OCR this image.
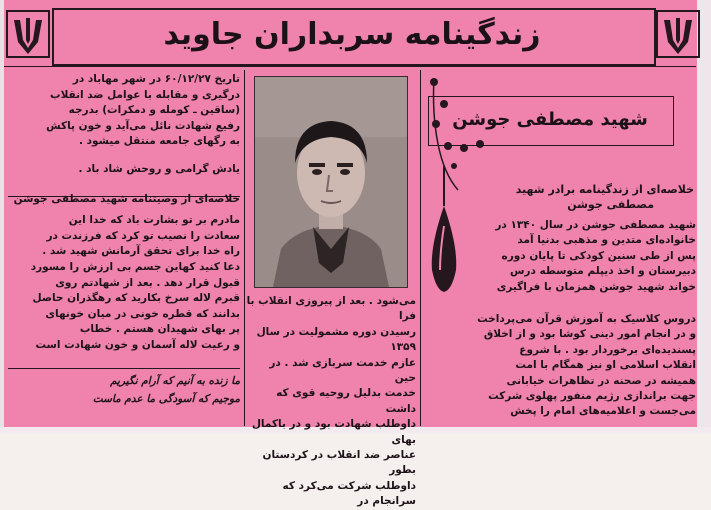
زندگینامه سربداران جاوید

تاریخ ۶۰/۱۲/۲۷ در شهر مهاباد در

درگیری و مقابله با عوامل ضد انقلاب

(ساقین ـ کومله و دمکرات) بدرجه

رفیع شهادت نائل می‌آید و خون پاکش

به رگهای جامعه منتقل میشود .

یادش گرامی و روحش شاد باد .

خلاصه‌ای از وصیتنامه شهید مصطفی جوشن

مادرم بر تو بشارت باد که خدا این

سعادت را نصیب تو کرد که فرزندت در

راه خدا برای تحقق آرمانش شهید شد .

دعا کنید کهاین جسم بی ارزش را مسورد

قبول قرار دهد . بعد از شهادتم روی

قبرم لاله سرخ بکارید که رهگذران حاصل

بدانند که قطره خونی در میان خونهای

پر بهای شهیدان هستم . خطاب

و رعیت لاله آسمان و خون شهادت است

ما زنده به آنیم که آرام نگیریم
موجیم که آسودگی ما عدم ماست

می‌شود . بعد از پیروزی انقلاب با فرا

رسیدن دوره مشمولیت در سال ۱۳۵۹

عازم خدمت سربازی شد . در حین

خدمت بدلیل روحیه قوی که داشت

داوطلب شهادت بود و در باکمال بهای

عناصر ضد انقلاب در کردستان بطور

داوطلب شرکت می‌کرد که سرانجام در

شهید مصطفی جوشن
خلاصه‌ای از زندگینامه برادر شهید
مصطفی جوشن

شهید مصطفی جوشن در سال ۱۳۴۰ در

خانواده‌ای متدین و مذهبی بدنیا آمد

پس از طی سنین کودکی تا پایان دوره

دبیرستان و اخذ دیپلم متوسطه درس

خواند شهید جوشن همزمان با فراگیری

دروس کلاسیک به آموزش قرآن می‌پرداخت

و در انجام امور دینی کوشا بود و از اخلاق

پسندیده‌ای برخوردار بود . با شروع

انقلاب اسلامی او نیز همگام با امت

همیشه در صحنه در تظاهرات خیابانی

جهت براندازی رژیم منفور پهلوی شرکت

می‌جست و اعلامیه‌های امام را پخش
